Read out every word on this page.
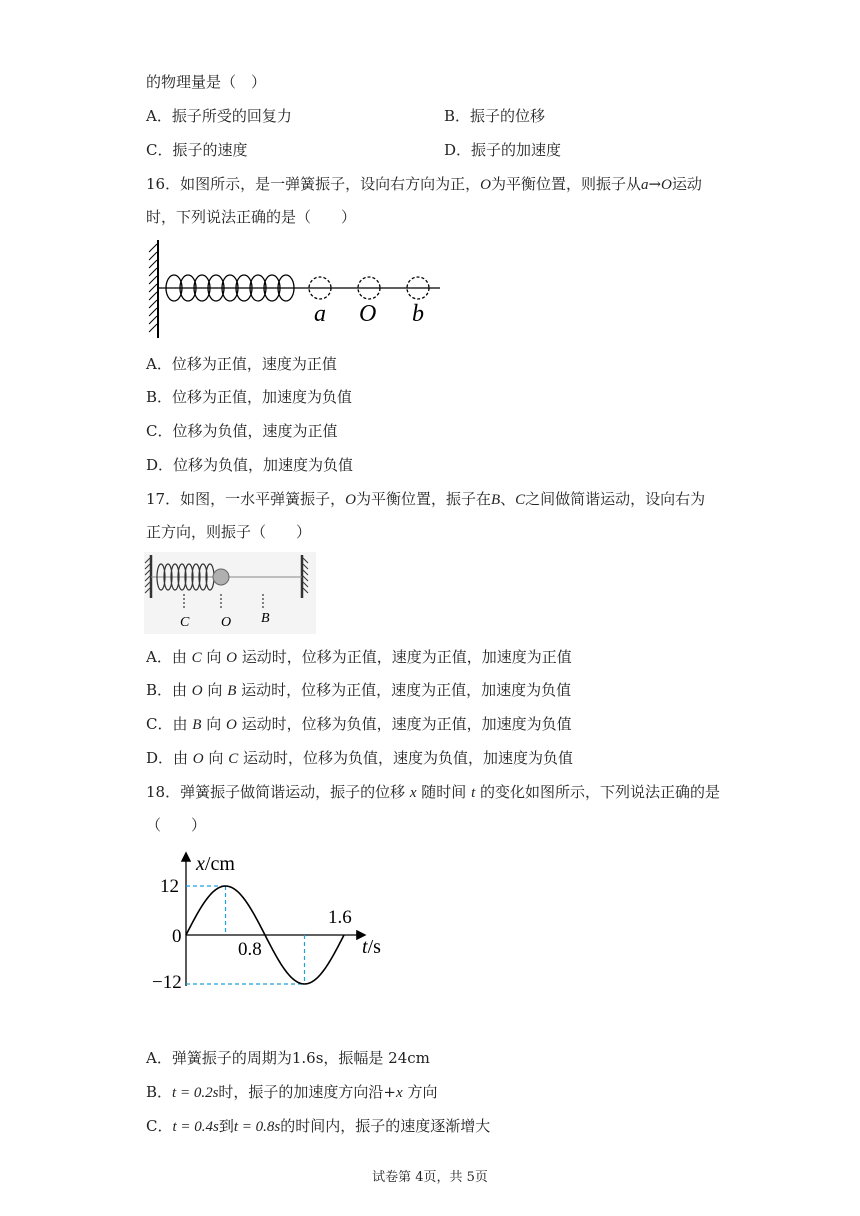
的物理量是（　）
A．振子所受的回复力	B．振子的位移
C．振子的速度	D．振子的加速度
16．如图所示，是一弹簧振子，设向右方向为正，O为平衡位置，则振子从a→O运动
时，下列说法正确的是（　　）
a O b
A．位移为正值，速度为正值
B．位移为正值，加速度为负值
C．位移为负值，速度为正值
D．位移为负值，加速度为负值
17．如图，一水平弹簧振子，O为平衡位置，振子在B、C之间做简谐运动，设向右为
正方向，则振子（　　）
C O B
A．由 C 向 O 运动时，位移为正值，速度为正值，加速度为正值
B．由 O 向 B 运动时，位移为正值，速度为正值，加速度为负值
C．由 B 向 O 运动时，位移为负值，速度为正值，加速度为负值
D．由 O 向 C 运动时，位移为负值，速度为负值，加速度为负值
18．弹簧振子做简谐运动，振子的位移 x 随时间 t 的变化如图所示，下列说法正确的是
（　　）
x/cm
t/s
12
0
−12
0.8
1.6
A．弹簧振子的周期为1.6s，振幅是 24cm
B．t = 0.2s时，振子的加速度方向沿+x 方向
C．t = 0.4s到t = 0.8s的时间内，振子的速度逐渐增大
试卷第 4页，共 5页
